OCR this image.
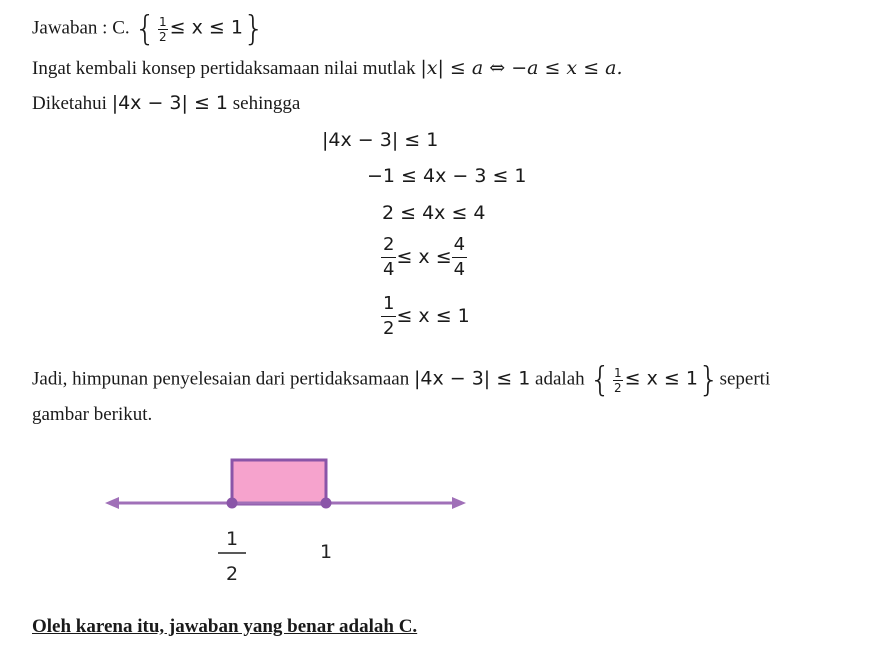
Jawaban : C. { $\frac{1}{2} \le x \le 1$}
Ingat kembali konsep pertidaksamaan nilai mutlak |x| ≤ a ⇔ −a ≤ x ≤ a.
Diketahui |4x − 3| ≤ 1 sehingga
|4x − 3| ≤ 1
−1 ≤ 4x − 3 ≤ 1
2 ≤ 4x ≤ 4
$\frac{2}{4} \le x \le \frac{4}{4}$
$\frac{1}{2} \le x \le 1$
Jadi, himpunan penyelesaian dari pertidaksamaan |4x − 3| ≤ 1 adalah { $\frac{1}{2} \le x$ ≤ 1}seperti
gambar berikut.
1
2
1
Oleh karena itu, jawaban yang benar adalah C.
